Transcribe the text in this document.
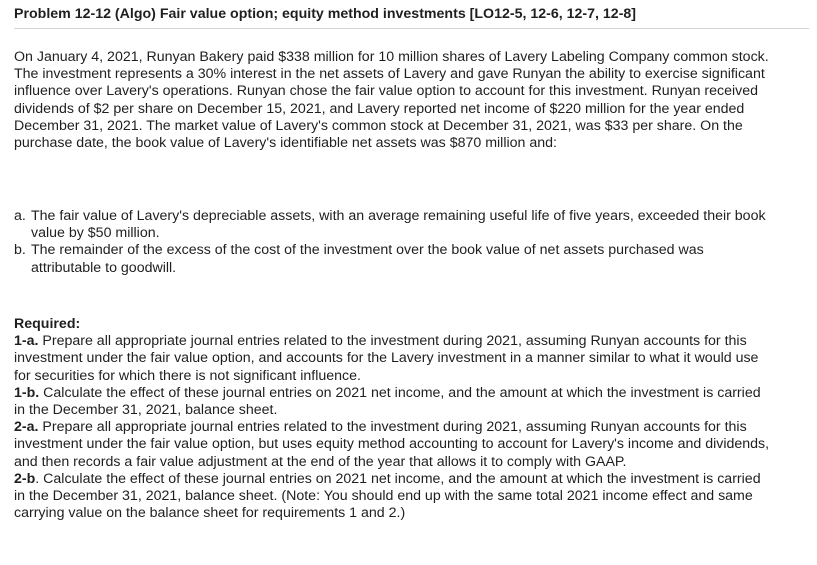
Problem 12-12 (Algo) Fair value option; equity method investments [LO12-5, 12-6, 12-7, 12-8]

On January 4, 2021, Runyan Bakery paid $338 million for 10 million shares of Lavery Labeling Company common stock. The investment represents a 30% interest in the net assets of Lavery and gave Runyan the ability to exercise significant influence over Lavery's operations. Runyan chose the fair value option to account for this investment. Runyan received dividends of $2 per share on December 15, 2021, and Lavery reported net income of $220 million for the year ended December 31, 2021. The market value of Lavery's common stock at December 31, 2021, was $33 per share. On the purchase date, the book value of Lavery's identifiable net assets was $870 million and:

a. The fair value of Lavery's depreciable assets, with an average remaining useful life of five years, exceeded their book value by $50 million.
b. The remainder of the excess of the cost of the investment over the book value of net assets purchased was attributable to goodwill.
Required:
1-a. Prepare all appropriate journal entries related to the investment during 2021, assuming Runyan accounts for this investment under the fair value option, and accounts for the Lavery investment in a manner similar to what it would use for securities for which there is not significant influence.
1-b. Calculate the effect of these journal entries on 2021 net income, and the amount at which the investment is carried in the December 31, 2021, balance sheet.
2-a. Prepare all appropriate journal entries related to the investment during 2021, assuming Runyan accounts for this investment under the fair value option, but uses equity method accounting to account for Lavery's income and dividends, and then records a fair value adjustment at the end of the year that allows it to comply with GAAP.
2-b. Calculate the effect of these journal entries on 2021 net income, and the amount at which the investment is carried in the December 31, 2021, balance sheet. (Note: You should end up with the same total 2021 income effect and same carrying value on the balance sheet for requirements 1 and 2.)
